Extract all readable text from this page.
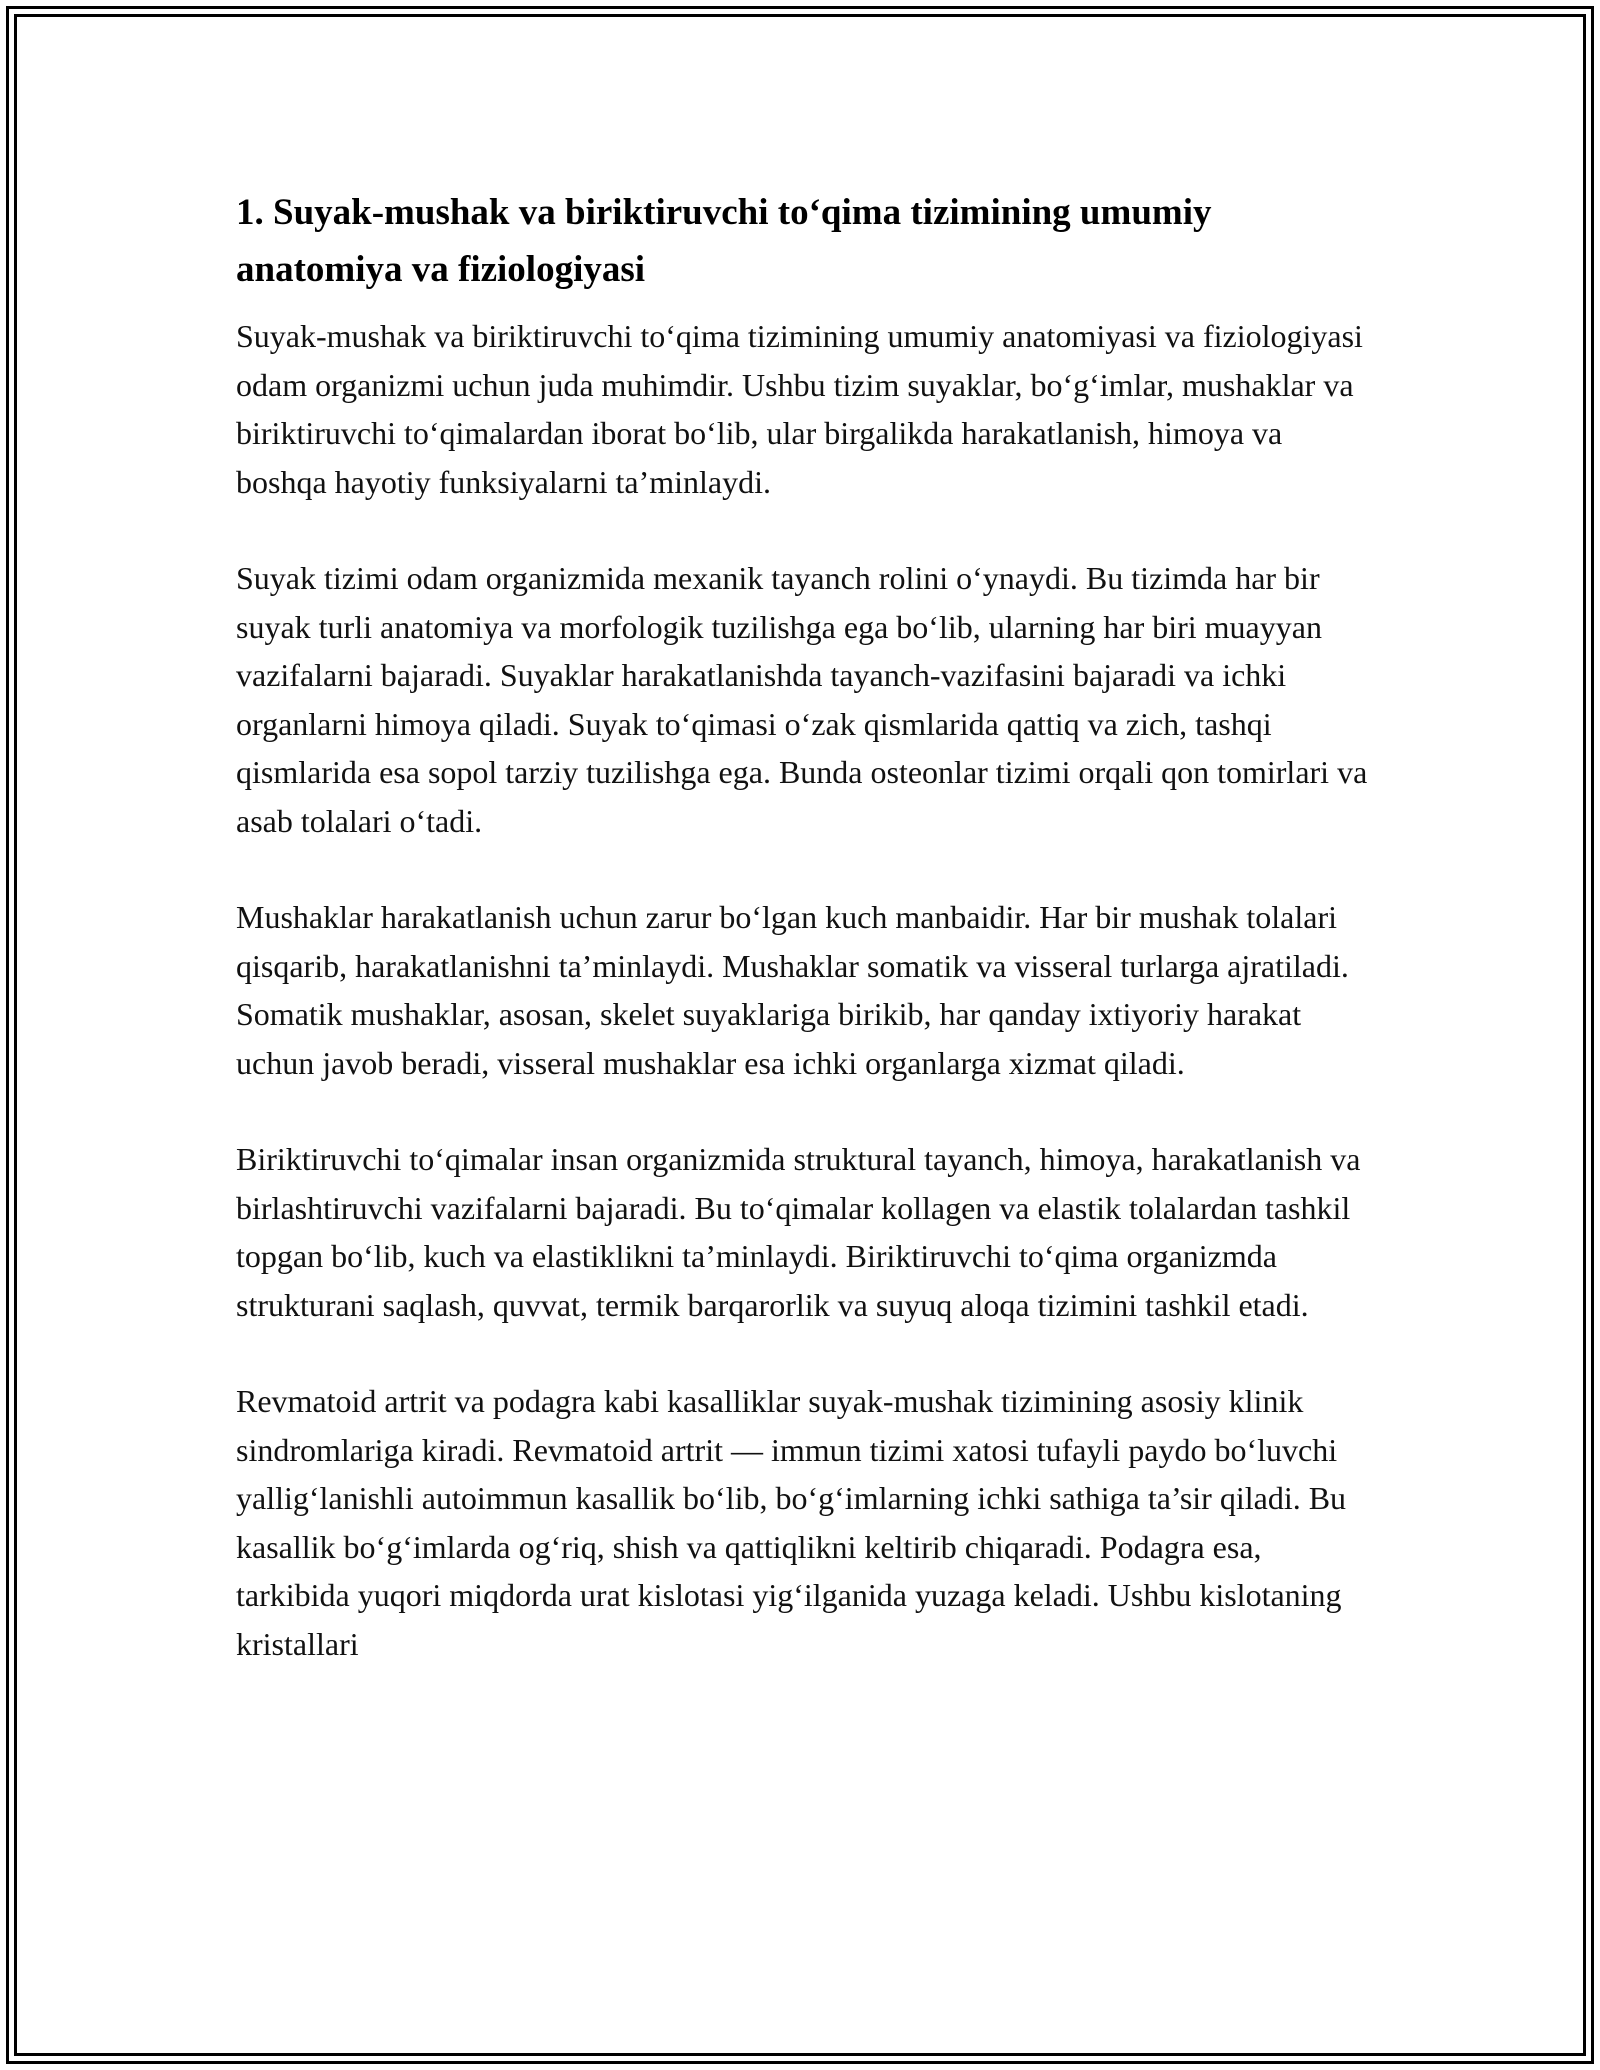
1. Suyak-mushak va biriktiruvchi to‘qima tizimining umumiy anatomiya va fiziologiyasi

Suyak-mushak va biriktiruvchi to‘qima tizimining umumiy anatomiyasi va fiziologiyasi odam organizmi uchun juda muhimdir. Ushbu tizim suyaklar, bo‘g‘imlar, mushaklar va biriktiruvchi to‘qimalardan iborat bo‘lib, ular birgalikda harakatlanish, himoya va boshqa hayotiy funksiyalarni ta’minlaydi.

Suyak tizimi odam organizmida mexanik tayanch rolini o‘ynaydi. Bu tizimda har bir suyak turli anatomiya va morfologik tuzilishga ega bo‘lib, ularning har biri muayyan vazifalarni bajaradi. Suyaklar harakatlanishda tayanch-vazifasini bajaradi va ichki organlarni himoya qiladi. Suyak to‘qimasi o‘zak qismlarida qattiq va zich, tashqi qismlarida esa sopol tarziy tuzilishga ega. Bunda osteonlar tizimi orqali qon tomirlari va asab tolalari o‘tadi.

Mushaklar harakatlanish uchun zarur bo‘lgan kuch manbaidir. Har bir mushak tolalari qisqarib, harakatlanishni ta’minlaydi. Mushaklar somatik va visseral turlarga ajratiladi. Somatik mushaklar, asosan, skelet suyaklariga birikib, har qanday ixtiyoriy harakat uchun javob beradi, visseral mushaklar esa ichki organlarga xizmat qiladi.

Biriktiruvchi to‘qimalar insan organizmida struktural tayanch, himoya, harakatlanish va birlashtiruvchi vazifalarni bajaradi. Bu to‘qimalar kollagen va elastik tolalardan tashkil topgan bo‘lib, kuch va elastiklikni ta’minlaydi. Biriktiruvchi to‘qima organizmda strukturani saqlash, quvvat, termik barqarorlik va suyuq aloqa tizimini tashkil etadi.

Revmatoid artrit va podagra kabi kasalliklar suyak-mushak tizimining asosiy klinik sindromlariga kiradi. Revmatoid artrit — immun tizimi xatosi tufayli paydo bo‘luvchi yallig‘lanishli autoimmun kasallik bo‘lib, bo‘g‘imlarning ichki sathiga ta’sir qiladi. Bu kasallik bo‘g‘imlarda og‘riq, shish va qattiqlikni keltirib chiqaradi. Podagra esa, tarkibida yuqori miqdorda urat kislotasi yig‘ilganida yuzaga keladi. Ushbu kislotaning kristallari
